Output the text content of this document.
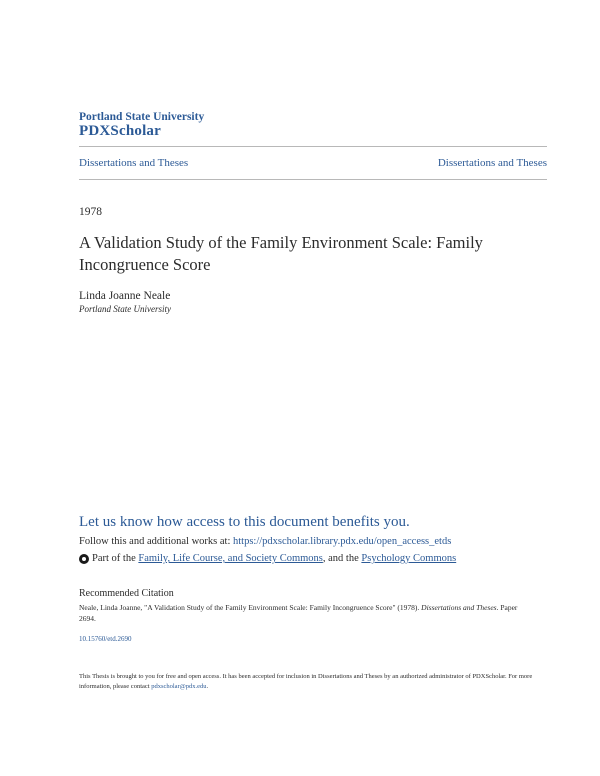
Portland State University
PDXScholar
Dissertations and Theses	Dissertations and Theses
1978
A Validation Study of the Family Environment Scale: Family Incongruence Score
Linda Joanne Neale
Portland State University
Let us know how access to this document benefits you.
Follow this and additional works at: https://pdxscholar.library.pdx.edu/open_access_etds
Part of the Family, Life Course, and Society Commons , and the Psychology Commons
Recommended Citation
Neale, Linda Joanne, "A Validation Study of the Family Environment Scale: Family Incongruence Score" (1978). Dissertations and Theses. Paper 2694.
10.15760/etd.2690
This Thesis is brought to you for free and open access. It has been accepted for inclusion in Dissertations and Theses by an authorized administrator of PDXScholar. For more information, please contact pdxscholar@pdx.edu.
